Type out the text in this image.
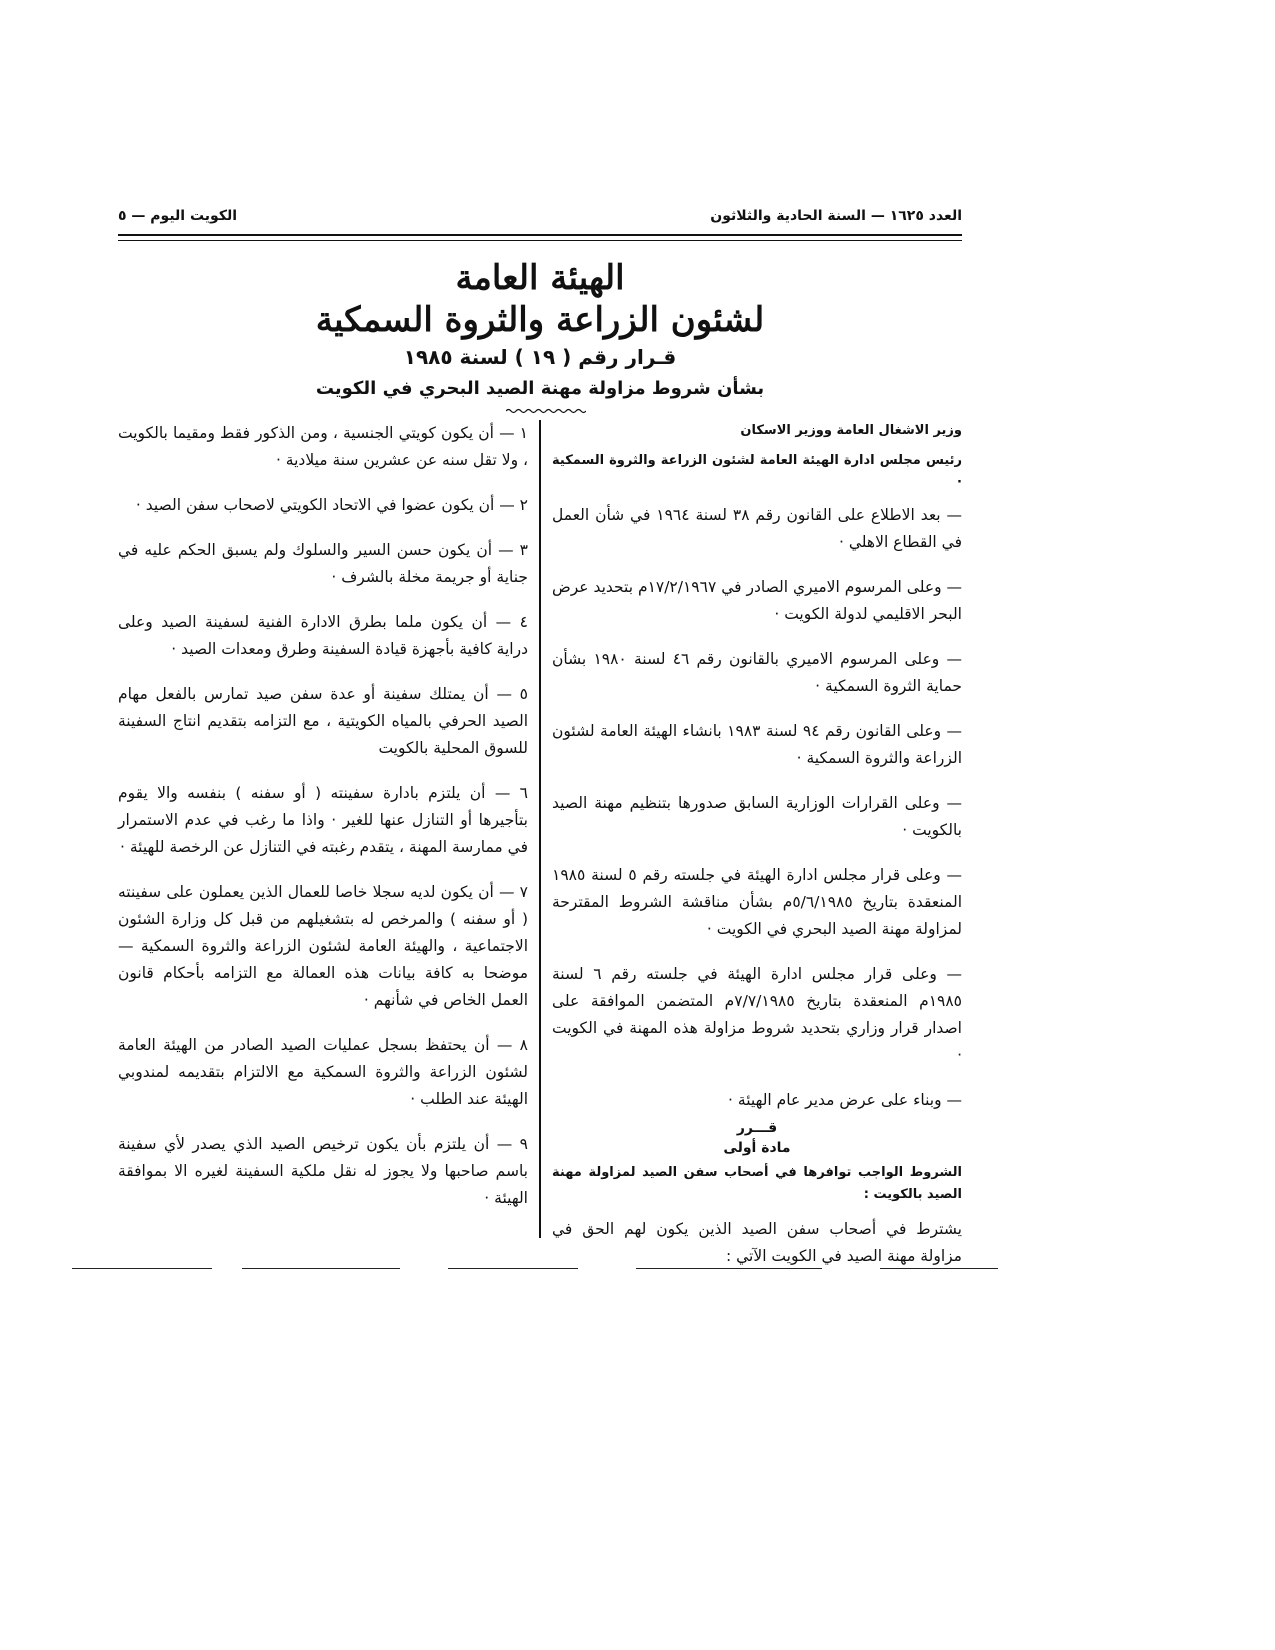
العدد ١٦٢٥ — السنة الحادية والثلاثون
الكويت اليوم — ٥
الهيئة العامة
لشئون الزراعة والثروة السمكية
قـرار رقم ( ١٩ ) لسنة ١٩٨٥
بشأن شروط مزاولة مهنة الصيد البحري في الكويت

وزير الاشغال العامة ووزير الاسكان

رئيس مجلس ادارة الهيئة العامة لشئون الزراعة والثروة السمكية ·

— بعد الاطلاع على القانون رقم ٣٨ لسنة ١٩٦٤ في شأن العمل في القطاع الاهلي ·

— وعلى المرسوم الاميري الصادر في ١٧/٢/١٩٦٧م بتحديد عرض البحر الاقليمي لدولة الكويت ·

— وعلى المرسوم الاميري بالقانون رقم ٤٦ لسنة ١٩٨٠ بشأن حماية الثروة السمكية ·

— وعلى القانون رقم ٩٤ لسنة ١٩٨٣ بانشاء الهيئة العامة لشئون الزراعة والثروة السمكية ·

— وعلى القرارات الوزارية السابق صدورها بتنظيم مهنة الصيد بالكويت ·

— وعلى قرار مجلس ادارة الهيئة في جلسته رقم ٥ لسنة ١٩٨٥ المنعقدة بتاريخ ٥/٦/١٩٨٥م بشأن مناقشة الشروط المقترحة لمزاولة مهنة الصيد البحري في الكويت ·

— وعلى قرار مجلس ادارة الهيئة في جلسته رقم ٦ لسنة ١٩٨٥م المنعقدة بتاريخ ٧/٧/١٩٨٥م المتضمن الموافقة على اصدار قرار وزاري بتحديد شروط مزاولة هذه المهنة في الكويت ·

— وبناء على عرض مدير عام الهيئة ·

قـــرر

مادة أولى

الشروط الواجب توافرها في أصحاب سفن الصيد لمزاولة مهنة الصيد بالكويت :

يشترط في أصحاب سفن الصيد الذين يكون لهم الحق في مزاولة مهنة الصيد في الكويت الآتي :

١ — أن يكون كويتي الجنسية ، ومن الذكور فقط ومقيما بالكويت ، ولا تقل سنه عن عشرين سنة ميلادية ·

٢ — أن يكون عضوا في الاتحاد الكويتي لاصحاب سفن الصيد ·

٣ — أن يكون حسن السير والسلوك ولم يسبق الحكم عليه في جناية أو جريمة مخلة بالشرف ·

٤ — أن يكون ملما بطرق الادارة الفنية لسفينة الصيد وعلى دراية كافية بأجهزة قيادة السفينة وطرق ومعدات الصيد ·

٥ — أن يمتلك سفينة أو عدة سفن صيد تمارس بالفعل مهام الصيد الحرفي بالمياه الكويتية ، مع التزامه بتقديم انتاج السفينة للسوق المحلية بالكويت

٦ — أن يلتزم بادارة سفينته ( أو سفنه ) بنفسه والا يقوم بتأجيرها أو التنازل عنها للغير · واذا ما رغب في عدم الاستمرار في ممارسة المهنة ، يتقدم رغبته في التنازل عن الرخصة للهيئة ·

٧ — أن يكون لديه سجلا خاصا للعمال الذين يعملون على سفينته ( أو سفنه ) والمرخص له بتشغيلهم من قبل كل وزارة الشئون الاجتماعية ، والهيئة العامة لشئون الزراعة والثروة السمكية — موضحا به كافة بيانات هذه العمالة مع التزامه بأحكام قانون العمل الخاص في شأنهم ·

٨ — أن يحتفظ بسجل عمليات الصيد الصادر من الهيئة العامة لشئون الزراعة والثروة السمكية مع الالتزام بتقديمه لمندوبي الهيئة عند الطلب ·

٩ — أن يلتزم بأن يكون ترخيص الصيد الذي يصدر لأي سفينة باسم صاحبها ولا يجوز له نقل ملكية السفينة لغيره الا بموافقة الهيئة ·
